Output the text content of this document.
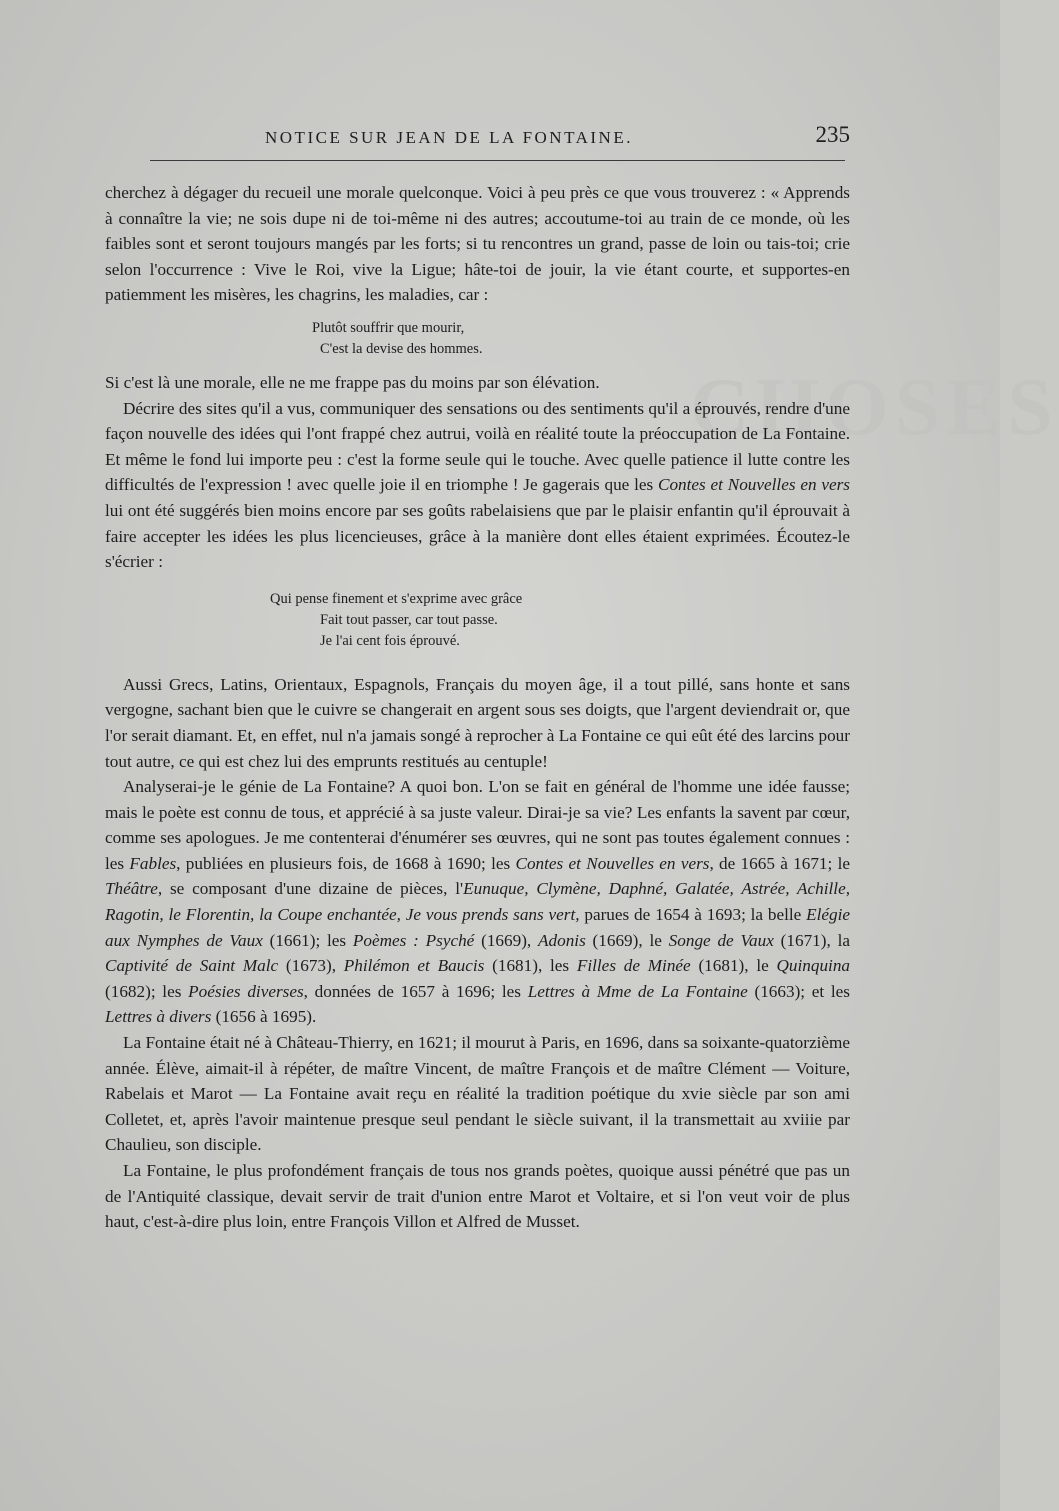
CHOSES
NOTICE SUR JEAN DE LA FONTAINE.	235

cherchez à dégager du recueil une morale quelconque. Voici à peu près ce que vous trouverez : « Apprends à connaître la vie; ne sois dupe ni de toi-même ni des autres; accoutume-toi au train de ce monde, où les faibles sont et seront toujours mangés par les forts; si tu rencontres un grand, passe de loin ou tais-toi; crie selon l'occurrence : Vive le Roi, vive la Ligue; hâte-toi de jouir, la vie étant courte, et supportes-en patiemment les misères, les chagrins, les maladies, car :

Plutôt souffrir que mourir,
C'est la devise des hommes.

Si c'est là une morale, elle ne me frappe pas du moins par son élévation.

Décrire des sites qu'il a vus, communiquer des sensations ou des sentiments qu'il a éprouvés, rendre d'une façon nouvelle des idées qui l'ont frappé chez autrui, voilà en réalité toute la préoccupation de La Fontaine. Et même le fond lui importe peu : c'est la forme seule qui le touche. Avec quelle patience il lutte contre les difficultés de l'expression ! avec quelle joie il en triomphe ! Je gagerais que les Contes et Nouvelles en vers lui ont été suggérés bien moins encore par ses goûts rabelaisiens que par le plaisir enfantin qu'il éprouvait à faire accepter les idées les plus licencieuses, grâce à la manière dont elles étaient exprimées. Écoutez-le s'écrier :

Qui pense finement et s'exprime avec grâce
Fait tout passer, car tout passe.
Je l'ai cent fois éprouvé.

Aussi Grecs, Latins, Orientaux, Espagnols, Français du moyen âge, il a tout pillé, sans honte et sans vergogne, sachant bien que le cuivre se changerait en argent sous ses doigts, que l'argent deviendrait or, que l'or serait diamant. Et, en effet, nul n'a jamais songé à reprocher à La Fontaine ce qui eût été des larcins pour tout autre, ce qui est chez lui des emprunts restitués au centuple!

Analyserai-je le génie de La Fontaine? A quoi bon. L'on se fait en général de l'homme une idée fausse; mais le poète est connu de tous, et apprécié à sa juste valeur. Dirai-je sa vie? Les enfants la savent par cœur, comme ses apologues. Je me contenterai d'énumérer ses œuvres, qui ne sont pas toutes également connues : les Fables, publiées en plusieurs fois, de 1668 à 1690; les Contes et Nouvelles en vers, de 1665 à 1671; le Théâtre, se composant d'une dizaine de pièces, l'Eunuque, Clymène, Daphné, Galatée, Astrée, Achille, Ragotin, le Florentin, la Coupe enchantée, Je vous prends sans vert, parues de 1654 à 1693; la belle Elégie aux Nymphes de Vaux (1661); les Poèmes : Psyché (1669), Adonis (1669), le Songe de Vaux (1671), la Captivité de Saint Malc (1673), Philémon et Baucis (1681), les Filles de Minée (1681), le Quinquina (1682); les Poésies diverses, données de 1657 à 1696; les Lettres à Mme de La Fontaine (1663); et les Lettres à divers (1656 à 1695).

La Fontaine était né à Château-Thierry, en 1621; il mourut à Paris, en 1696, dans sa soixante-quatorzième année. Élève, aimait-il à répéter, de maître Vincent, de maître François et de maître Clément — Voiture, Rabelais et Marot — La Fontaine avait reçu en réalité la tradition poétique du xvie siècle par son ami Colletet, et, après l'avoir maintenue presque seul pendant le siècle suivant, il la transmettait au xviiie par Chaulieu, son disciple.

La Fontaine, le plus profondément français de tous nos grands poètes, quoique aussi pénétré que pas un de l'Antiquité classique, devait servir de trait d'union entre Marot et Voltaire, et si l'on veut voir de plus haut, c'est-à-dire plus loin, entre François Villon et Alfred de Musset.
